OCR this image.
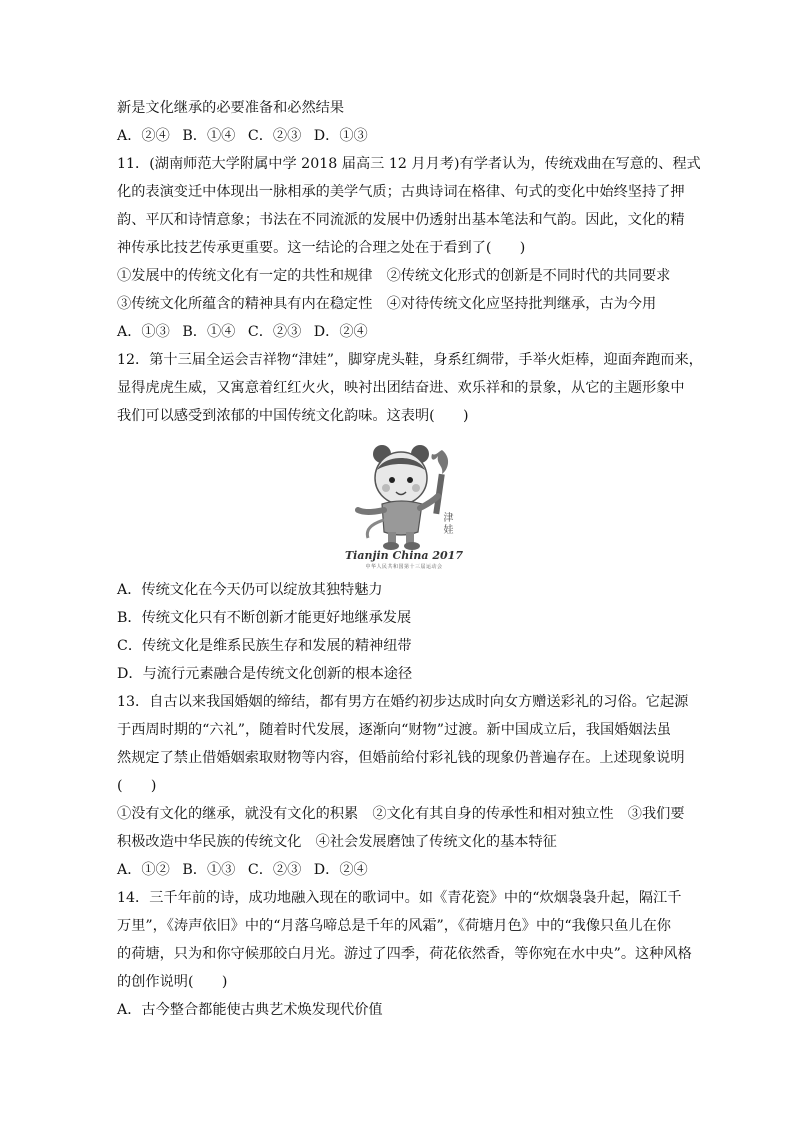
新是文化继承的必要准备和必然结果
A．②④ B．①④ C．②③ D．①③
11．(湖南师范大学附属中学 2018 届高三 12 月月考)有学者认为，传统戏曲在写意的、程式
化的表演变迁中体现出一脉相承的美学气质；古典诗词在格律、句式的变化中始终坚持了押
韵、平仄和诗情意象；书法在不同流派的发展中仍透射出基本笔法和气韵。因此，文化的精
神传承比技艺传承更重要。这一结论的合理之处在于看到了(　　)
①发展中的传统文化有一定的共性和规律　②传统文化形式的创新是不同时代的共同要求
③传统文化所蕴含的精神具有内在稳定性　④对待传统文化应坚持批判继承，古为今用
A．①③ B．①④ C．②③ D．②④
12．第十三届全运会吉祥物“津娃”，脚穿虎头鞋，身系红绸带，手举火炬棒，迎面奔跑而来，
显得虎虎生威，又寓意着红红火火，映衬出团结奋进、欢乐祥和的景象，从它的主题形象中
我们可以感受到浓郁的中国传统文化韵味。这表明(　　)
津娃
Tianjin China 2017
中华人民共和国第十三届运动会
A．传统文化在今天仍可以绽放其独特魅力
B．传统文化只有不断创新才能更好地继承发展
C．传统文化是维系民族生存和发展的精神纽带
D．与流行元素融合是传统文化创新的根本途径
13．自古以来我国婚姻的缔结，都有男方在婚约初步达成时向女方赠送彩礼的习俗。它起源
于西周时期的“六礼”，随着时代发展，逐渐向“财物”过渡。新中国成立后，我国婚姻法虽
然规定了禁止借婚姻索取财物等内容，但婚前给付彩礼钱的现象仍普遍存在。上述现象说明
(　　)
①没有文化的继承，就没有文化的积累　②文化有其自身的传承性和相对独立性　③我们要
积极改造中华民族的传统文化　④社会发展磨蚀了传统文化的基本特征
A．①② B．①③ C．②③ D．②④
14．三千年前的诗，成功地融入现在的歌词中。如《青花瓷》中的“炊烟袅袅升起，隔江千
万里”，《涛声依旧》中的“月落乌啼总是千年的风霜”，《荷塘月色》中的“我像只鱼儿在你
的荷塘，只为和你守候那皎白月光。游过了四季，荷花依然香，等你宛在水中央”。这种风格
的创作说明(　　)
A．古今整合都能使古典艺术焕发现代价值
